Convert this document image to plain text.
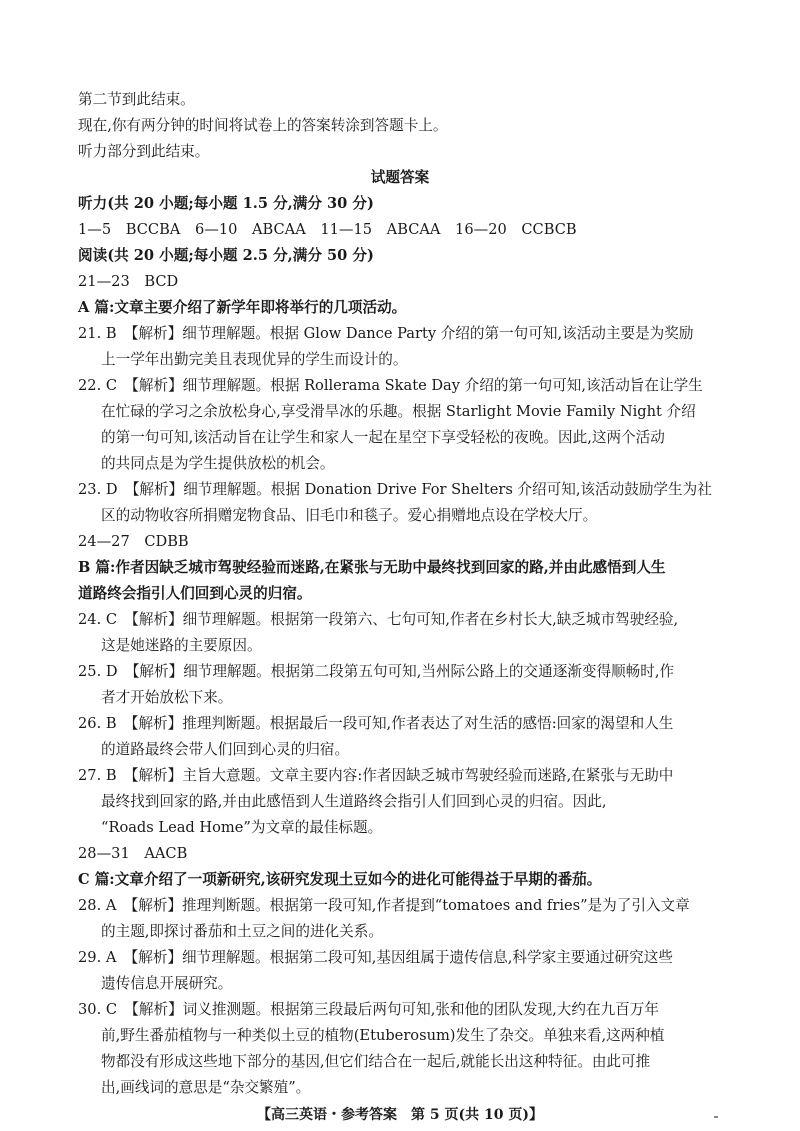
第二节到此结束。
现在,你有两分钟的时间将试卷上的答案转涂到答题卡上。
听力部分到此结束。
试题答案
听力(共 20 小题;每小题 1.5 分,满分 30 分)
1—5　BCCBA　6—10　ABCAA　11—15　ABCAA　16—20　CCBCB
阅读(共 20 小题;每小题 2.5 分,满分 50 分)
21—23　BCD
A 篇:文章主要介绍了新学年即将举行的几项活动。
21. B　【解析】细节理解题。根据 Glow Dance Party 介绍的第一句可知,该活动主要是为奖励
上一学年出勤完美且表现优异的学生而设计的。
22. C　【解析】细节理解题。根据 Rollerama Skate Day 介绍的第一句可知,该活动旨在让学生
在忙碌的学习之余放松身心,享受滑旱冰的乐趣。根据 Starlight Movie Family Night 介绍
的第一句可知,该活动旨在让学生和家人一起在星空下享受轻松的夜晚。因此,这两个活动
的共同点是为学生提供放松的机会。
23. D　【解析】细节理解题。根据 Donation Drive For Shelters 介绍可知,该活动鼓励学生为社
区的动物收容所捐赠宠物食品、旧毛巾和毯子。爱心捐赠地点设在学校大厅。
24—27　CDBB
B 篇:作者因缺乏城市驾驶经验而迷路,在紧张与无助中最终找到回家的路,并由此感悟到人生
道路终会指引人们回到心灵的归宿。
24. C　【解析】细节理解题。根据第一段第六、七句可知,作者在乡村长大,缺乏城市驾驶经验,
这是她迷路的主要原因。
25. D　【解析】细节理解题。根据第二段第五句可知,当州际公路上的交通逐渐变得顺畅时,作
者才开始放松下来。
26. B　【解析】推理判断题。根据最后一段可知,作者表达了对生活的感悟:回家的渴望和人生
的道路最终会带人们回到心灵的归宿。
27. B　【解析】主旨大意题。文章主要内容:作者因缺乏城市驾驶经验而迷路,在紧张与无助中
最终找到回家的路,并由此感悟到人生道路终会指引人们回到心灵的归宿。因此,
“Roads Lead Home”为文章的最佳标题。
28—31　AACB
C 篇:文章介绍了一项新研究,该研究发现土豆如今的进化可能得益于早期的番茄。
28. A　【解析】推理判断题。根据第一段可知,作者提到“tomatoes and fries”是为了引入文章
的主题,即探讨番茄和土豆之间的进化关系。
29. A　【解析】细节理解题。根据第二段可知,基因组属于遗传信息,科学家主要通过研究这些
遗传信息开展研究。
30. C　【解析】词义推测题。根据第三段最后两句可知,张和他的团队发现,大约在九百万年
前,野生番茄植物与一种类似土豆的植物(Etuberosum)发生了杂交。单独来看,这两种植
物都没有形成这些地下部分的基因,但它们结合在一起后,就能长出这种特征。由此可推
出,画线词的意思是“杂交繁殖”。
【高三英语・参考答案　第 5 页(共 10 页)】
